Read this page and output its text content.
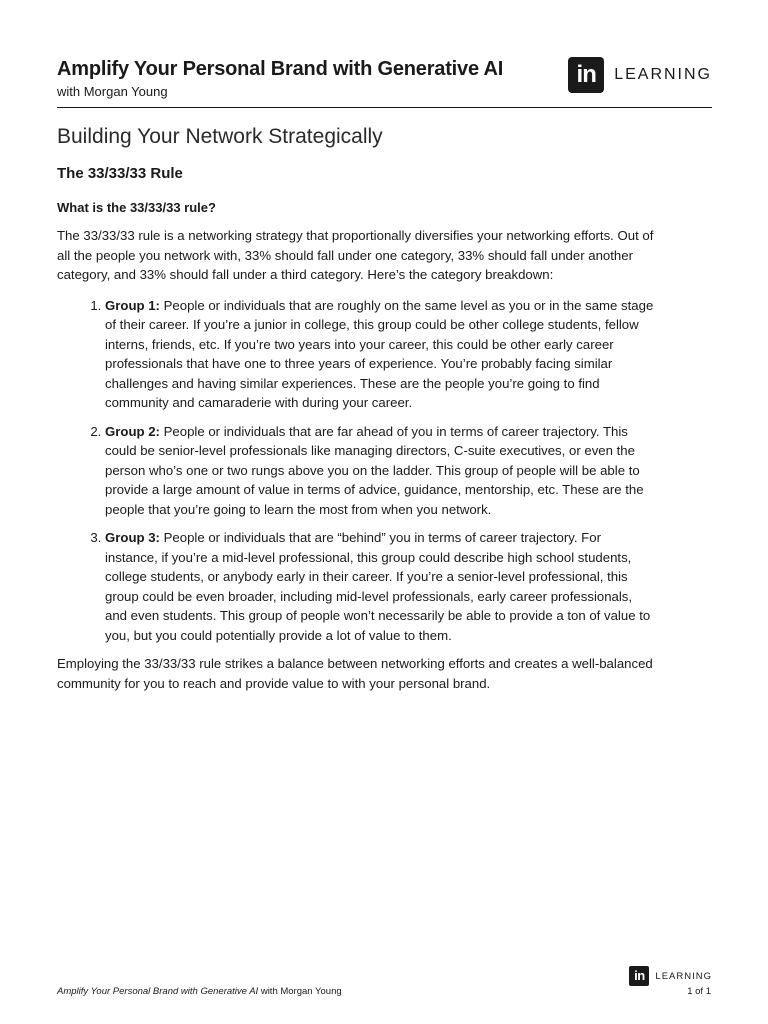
Amplify Your Personal Brand with Generative AI
with Morgan Young
in	LEARNING
Building Your Network Strategically
The 33/33/33 Rule
What is the 33/33/33 rule?

The 33/33/33 rule is a networking strategy that proportionally diversifies your networking efforts. Out of all the people you network with, 33% should fall under one category, 33% should fall under another category, and 33% should fall under a third category. Here’s the category breakdown:

1. Group 1: People or individuals that are roughly on the same level as you or in the same stage of their career. If you’re a junior in college, this group could be other college students, fellow interns, friends, etc. If you’re two years into your career, this could be other early career professionals that have one to three years of experience. You’re probably facing similar challenges and having similar experiences. These are the people you’re going to find community and camaraderie with during your career.
2. Group 2: People or individuals that are far ahead of you in terms of career trajectory. This could be senior-level professionals like managing directors, C-suite executives, or even the person who’s one or two rungs above you on the ladder. This group of people will be able to provide a large amount of value in terms of advice, guidance, mentorship, etc. These are the people that you’re going to learn the most from when you network.
3. Group 3: People or individuals that are “behind” you in terms of career trajectory. For instance, if you’re a mid-level professional, this group could describe high school students, college students, or anybody early in their career. If you’re a senior-level professional, this group could be even broader, including mid-level professionals, early career professionals, and even students. This group of people won’t necessarily be able to provide a ton of value to you, but you could potentially provide a lot of value to them.

Employing the 33/33/33 rule strikes a balance between networking efforts and creates a well-balanced community for you to reach and provide value to with your personal brand.

Amplify Your Personal Brand with Generative AI with Morgan Young
in	LEARNING
1 of 1
